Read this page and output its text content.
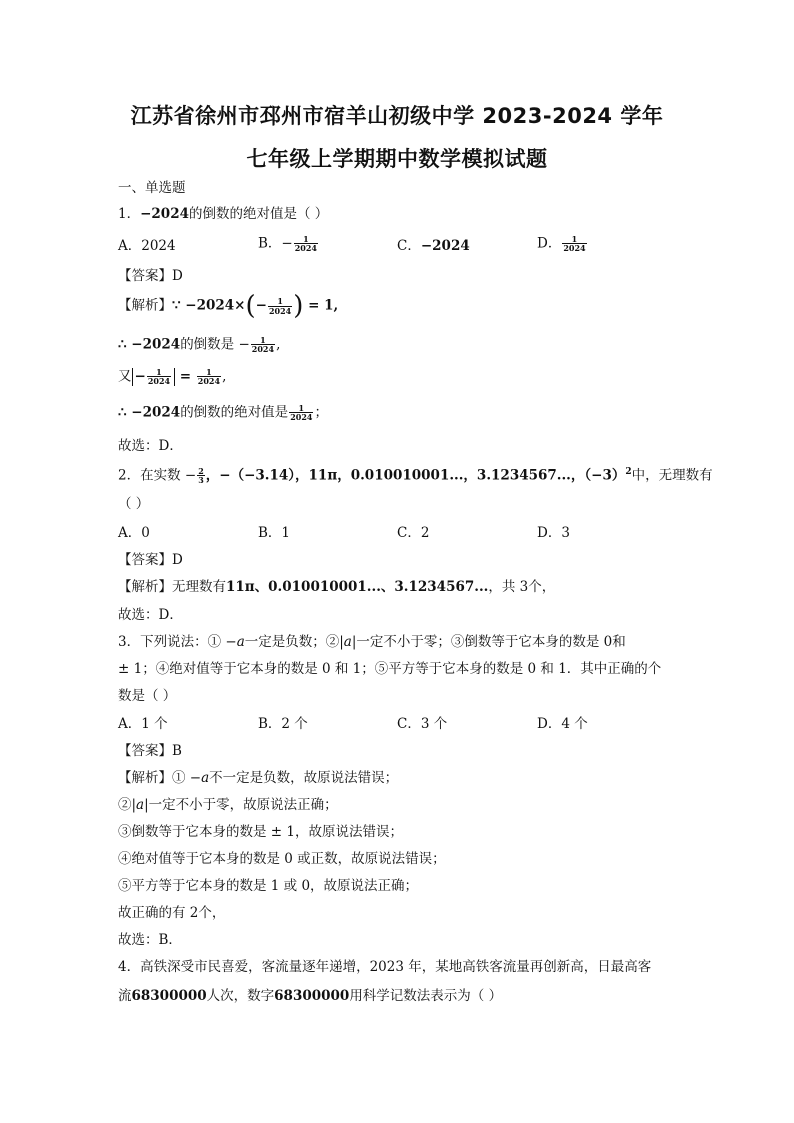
江苏省徐州市邳州市宿羊山初级中学 2023-2024 学年
七年级上学期期中数学模拟试题
一、单选题
1．−2024的倒数的绝对值是（ ）
A．2024	B．− $\frac{1}{2024}$	C．−2024	D． $\frac{1}{2024}$
【答案】D
【解析】∵ $-2024\times(- \frac{1}{2024}$ ) = 1,
∴ −2024的倒数是 − $\frac{1}{2024}$ ,
又 − $\frac{1}{2024} = \frac{1}{2024}$ ,
∴ −2024的倒数的绝对值是 $\frac{1}{2024}$ ；
故选：D．
2．在实数 − $\frac{2}{3}$ ，−（−3.14），11π，0.010010001...，3.1234567...，$(-3)^2$中，无理数有
（ ）
A．0	B．1	C．2	D．3
【答案】D
【解析】无理数有11π、0.010010001...、3.1234567...，共 3个，
故选：D．
3．下列说法：① −𝑎一定是负数；②|𝑎|一定不小于零；③倒数等于它本身的数是 0和
± 1；④绝对值等于它本身的数是 0 和 1；⑤平方等于它本身的数是 0 和 1．其中正确的个
数是（ ）
A．1 个	B．2 个	C．3 个	D．4 个
【答案】B
【解析】① −𝑎不一定是负数，故原说法错误；
②|𝑎|一定不小于零，故原说法正确；
③倒数等于它本身的数是 ± 1，故原说法错误；
④绝对值等于它本身的数是 0 或正数，故原说法错误；
⑤平方等于它本身的数是 1 或 0，故原说法正确；
故正确的有 2个，
故选：B．
4．高铁深受市民喜爱，客流量逐年递增，2023 年，某地高铁客流量再创新高，日最高客
流68300000人次，数字68300000用科学记数法表示为（ ）
